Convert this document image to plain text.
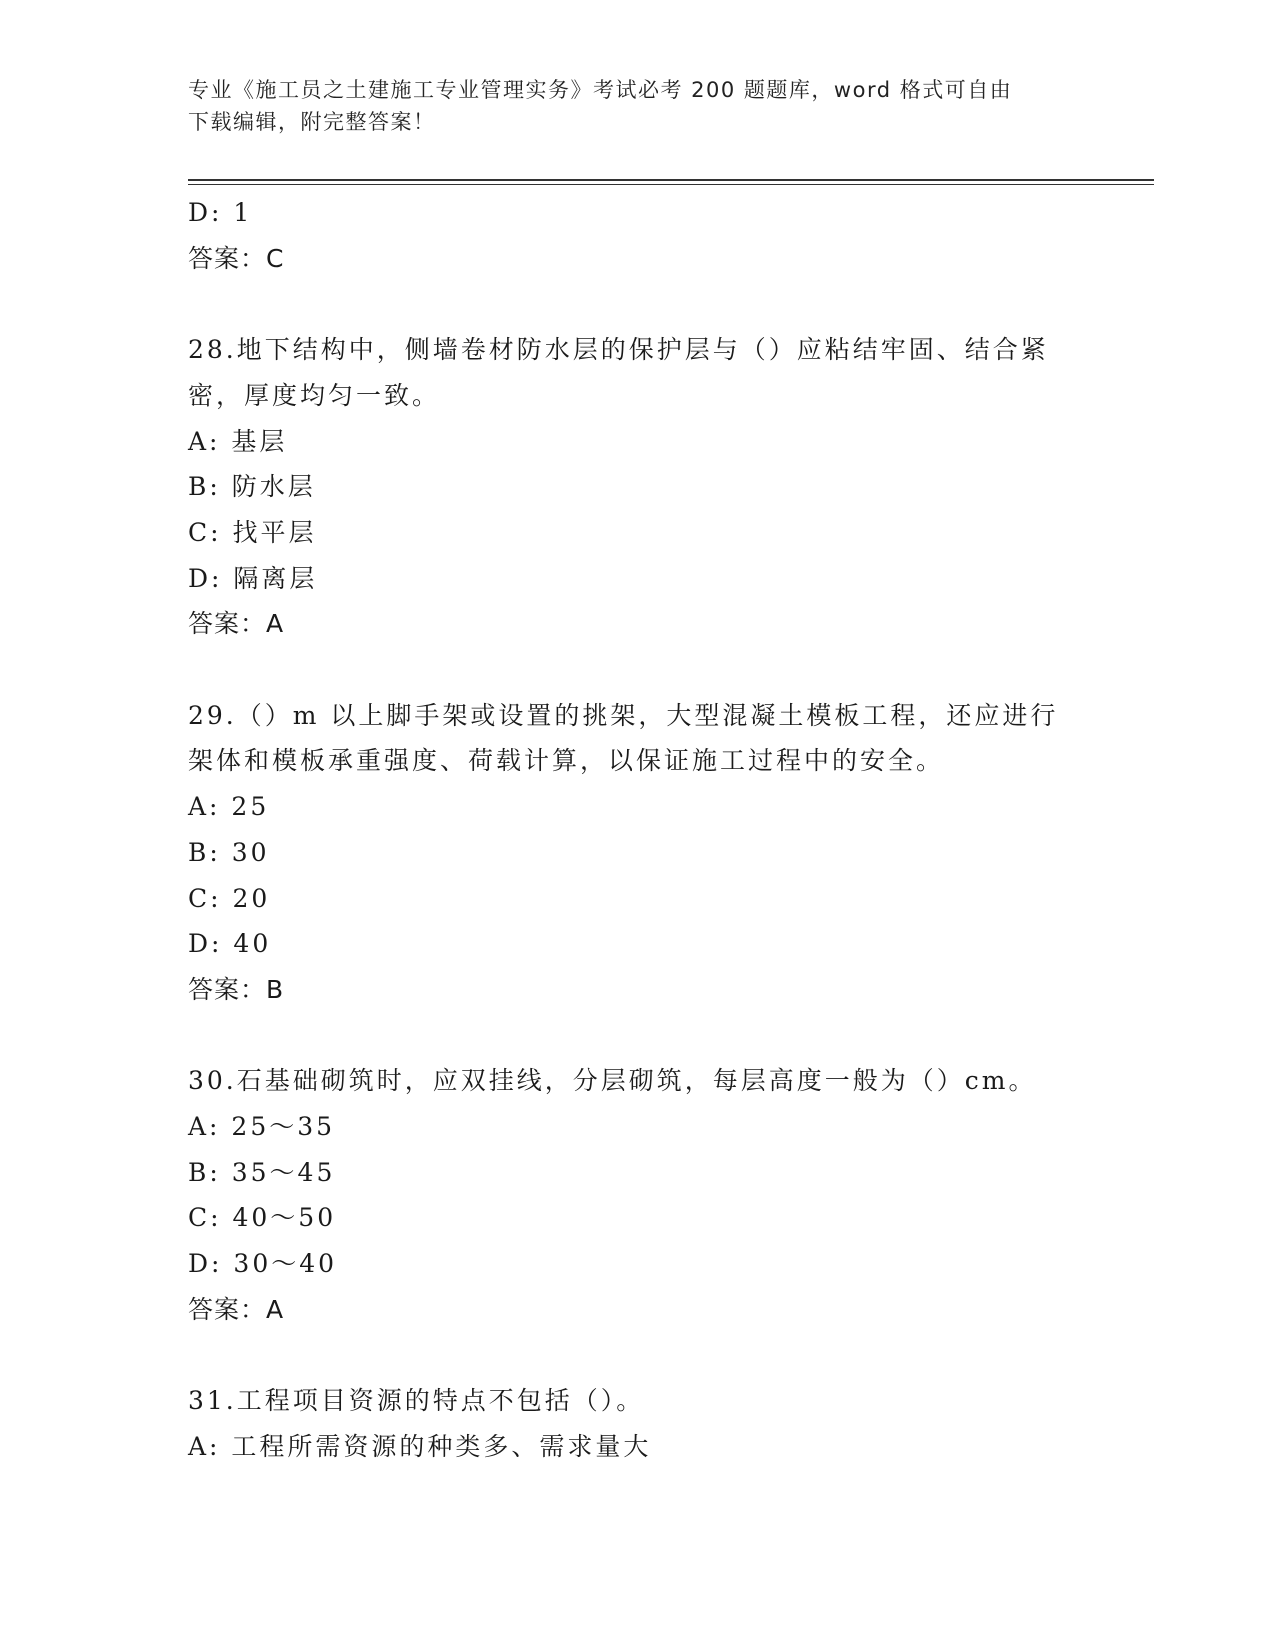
专业《施工员之土建施工专业管理实务》考试必考 200 题题库，word 格式可自由
下载编辑，附完整答案！
D: 1
答案：C
28.地下结构中，侧墙卷材防水层的保护层与（）应粘结牢固、结合紧
密，厚度均匀一致。
A: 基层
B: 防水层
C: 找平层
D: 隔离层
答案：A
29.（）m 以上脚手架或设置的挑架，大型混凝土模板工程，还应进行
架体和模板承重强度、荷载计算，以保证施工过程中的安全。
A: 25
B: 30
C: 20
D: 40
答案：B
30.石基础砌筑时，应双挂线，分层砌筑，每层高度一般为（）cm。
A: 25～35
B: 35～45
C: 40～50
D: 30～40
答案：A
31.工程项目资源的特点不包括（）。
A: 工程所需资源的种类多、需求量大
